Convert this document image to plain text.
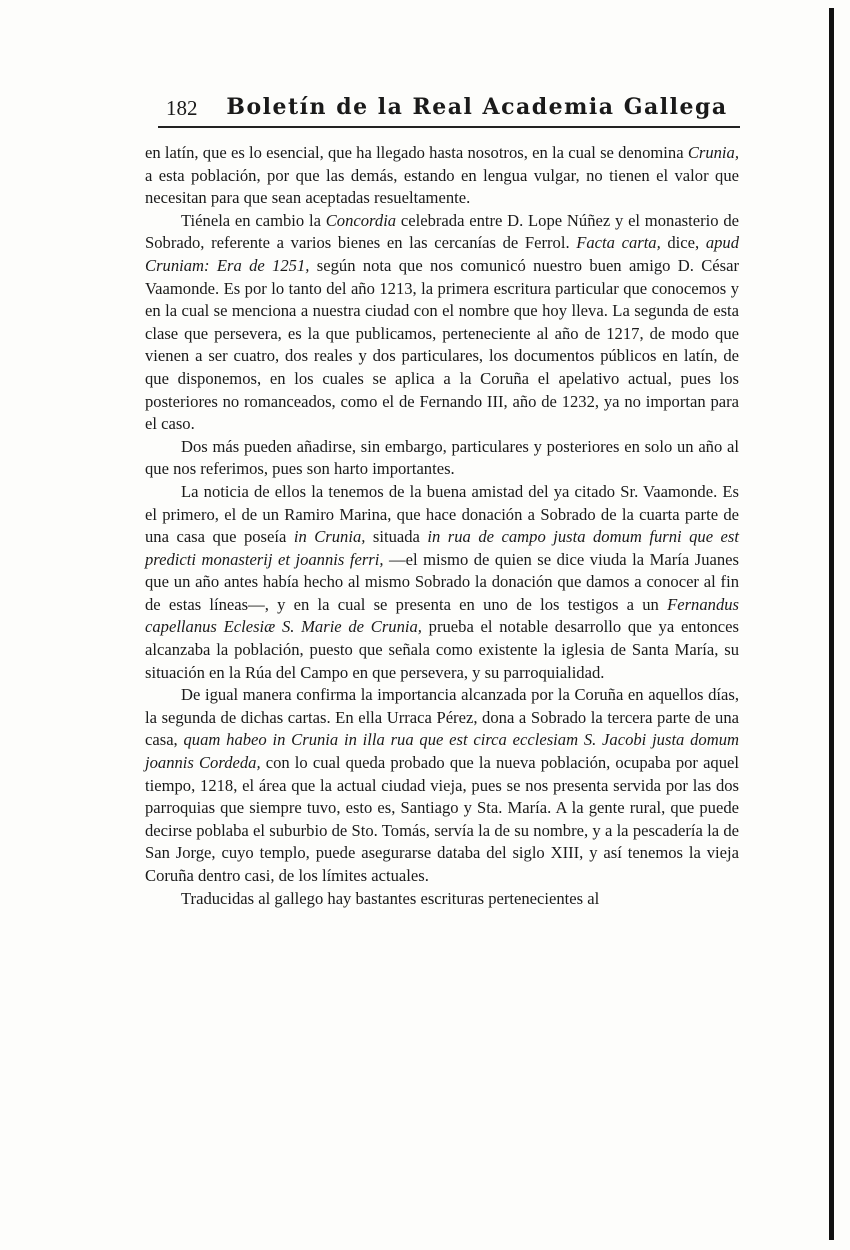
182	Boletín de la Real Academia Gallega

en latín, que es lo esencial, que ha llegado hasta nosotros, en la cual se denomina Crunia, a esta población, por que las demás, estando en lengua vulgar, no tienen el valor que necesitan para que sean aceptadas resueltamente.

Tiénela en cambio la Concordia celebrada entre D. Lope Núñez y el monasterio de Sobrado, referente a varios bienes en las cercanías de Ferrol. Facta carta, dice, apud Cruniam: Era de 1251, según nota que nos comunicó nuestro buen amigo D. César Vaamonde. Es por lo tanto del año 1213, la primera escritura particular que conocemos y en la cual se menciona a nuestra ciudad con el nombre que hoy lleva. La segunda de esta clase que persevera, es la que publicamos, perteneciente al año de 1217, de modo que vienen a ser cuatro, dos reales y dos particulares, los documentos públicos en latín, de que disponemos, en los cuales se aplica a la Coruña el apelativo actual, pues los posteriores no romanceados, como el de Fernando III, año de 1232, ya no importan para el caso.

Dos más pueden añadirse, sin embargo, particulares y posteriores en solo un año al que nos referimos, pues son harto importantes.

La noticia de ellos la tenemos de la buena amistad del ya citado Sr. Vaamonde. Es el primero, el de un Ramiro Marina, que hace donación a Sobrado de la cuarta parte de una casa que poseía in Crunia, situada in rua de campo justa domum furni que est predicti monasterij et joannis ferri, —el mismo de quien se dice viuda la María Juanes que un año antes había hecho al mismo Sobrado la donación que damos a conocer al fin de estas líneas—, y en la cual se presenta en uno de los testigos a un Fernandus capellanus Eclesiæ S. Marie de Crunia, prueba el notable desarrollo que ya entonces alcanzaba la población, puesto que señala como existente la iglesia de Santa María, su situación en la Rúa del Campo en que persevera, y su parroquialidad.

De igual manera confirma la importancia alcanzada por la Coruña en aquellos días, la segunda de dichas cartas. En ella Urraca Pérez, dona a Sobrado la tercera parte de una casa, quam habeo in Crunia in illa rua que est circa ecclesiam S. Jacobi justa domum joannis Cordeda, con lo cual queda probado que la nueva población, ocupaba por aquel tiempo, 1218, el área que la actual ciudad vieja, pues se nos presenta servida por las dos parroquias que siempre tuvo, esto es, Santiago y Sta. María. A la gente rural, que puede decirse poblaba el suburbio de Sto. Tomás, servía la de su nombre, y a la pescadería la de San Jorge, cuyo templo, puede asegurarse databa del siglo XIII, y así tenemos la vieja Coruña dentro casi, de los límites actuales.

Traducidas al gallego hay bastantes escrituras pertenecientes al
